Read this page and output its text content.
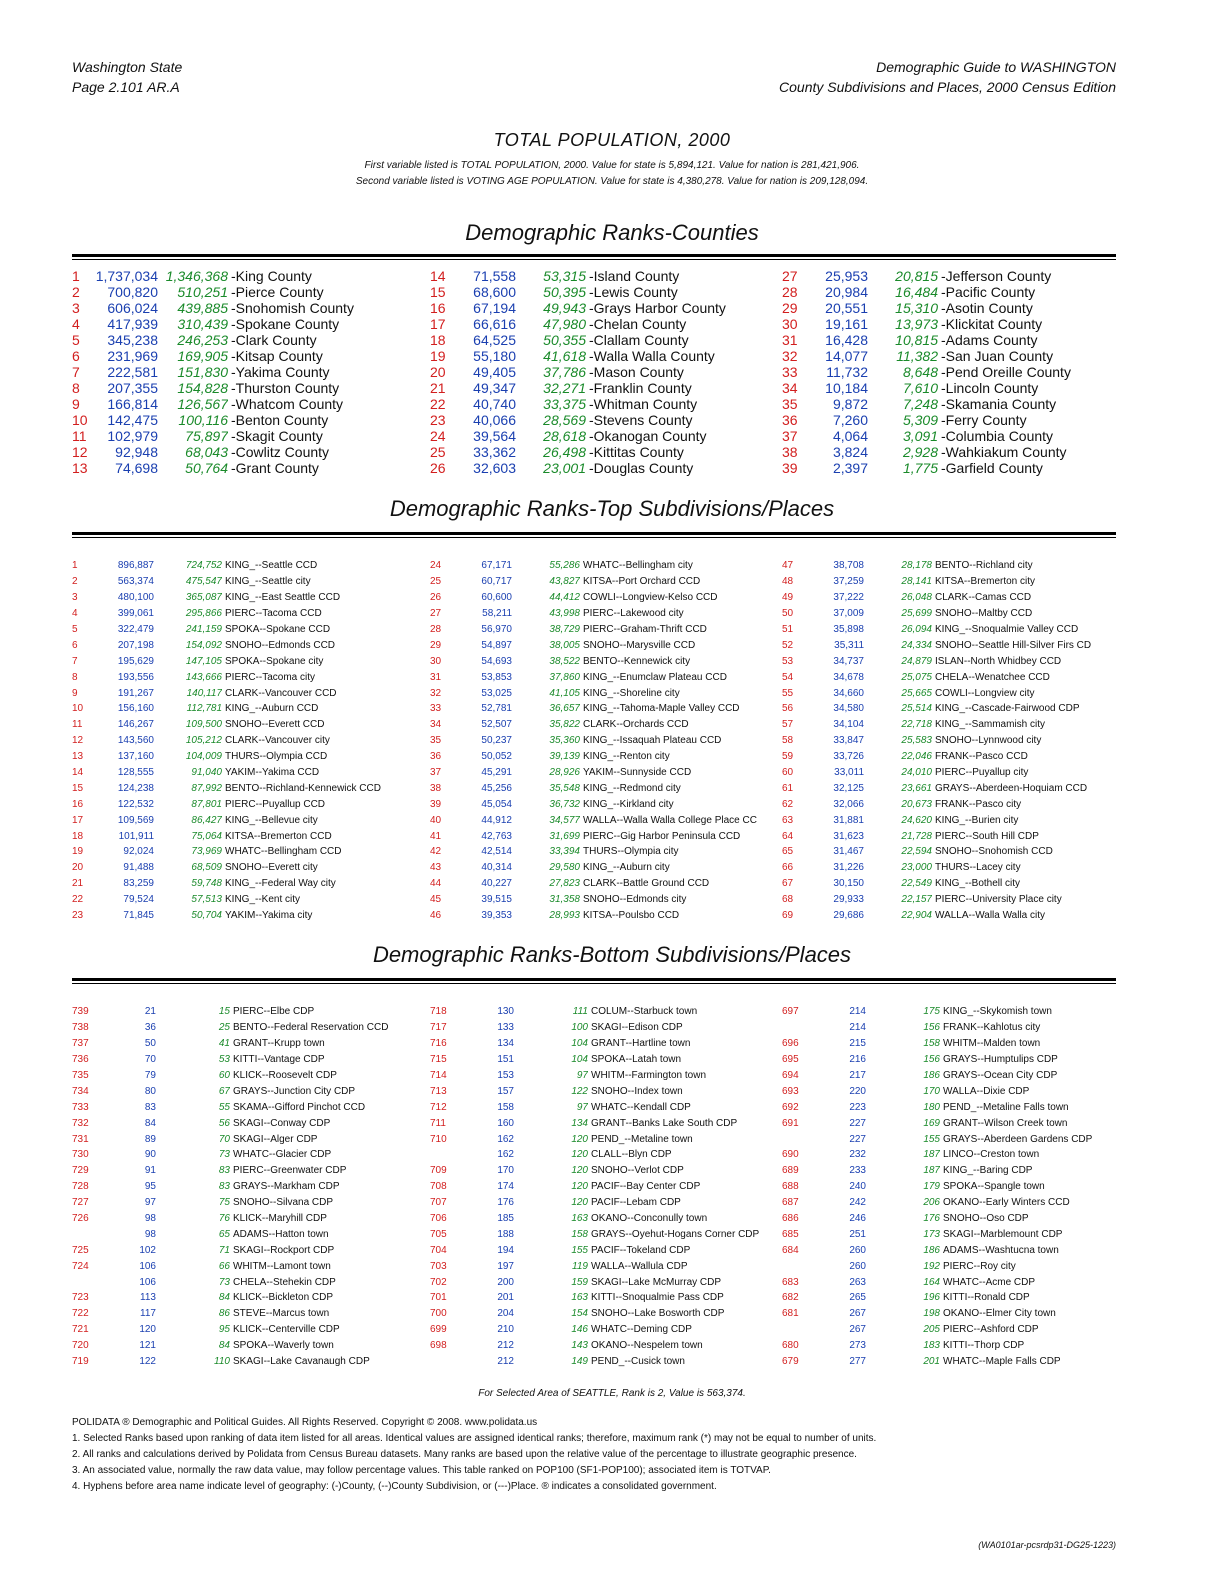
Washington State
Page 2.101 AR.A
Demographic Guide to WASHINGTON
County Subdivisions and Places, 2000 Census Edition
TOTAL POPULATION, 2000
First variable listed is TOTAL POPULATION, 2000. Value for state is 5,894,121. Value for nation is 281,421,906.
Second variable listed is VOTING AGE POPULATION. Value for state is 4,380,278. Value for nation is 209,128,094.
Demographic Ranks-Counties
1	1,737,034	1,346,368	-King County
2	700,820	510,251	-Pierce County
3	606,024	439,885	-Snohomish County
4	417,939	310,439	-Spokane County
5	345,238	246,253	-Clark County
6	231,969	169,905	-Kitsap County
7	222,581	151,830	-Yakima County
8	207,355	154,828	-Thurston County
9	166,814	126,567	-Whatcom County
10	142,475	100,116	-Benton County
11	102,979	75,897	-Skagit County
12	92,948	68,043	-Cowlitz County
13	74,698	50,764	-Grant County
14	71,558	53,315	-Island County
15	68,600	50,395	-Lewis County
16	67,194	49,943	-Grays Harbor County
17	66,616	47,980	-Chelan County
18	64,525	50,355	-Clallam County
19	55,180	41,618	-Walla Walla County
20	49,405	37,786	-Mason County
21	49,347	32,271	-Franklin County
22	40,740	33,375	-Whitman County
23	40,066	28,569	-Stevens County
24	39,564	28,618	-Okanogan County
25	33,362	26,498	-Kittitas County
26	32,603	23,001	-Douglas County
27	25,953	20,815	-Jefferson County
28	20,984	16,484	-Pacific County
29	20,551	15,310	-Asotin County
30	19,161	13,973	-Klickitat County
31	16,428	10,815	-Adams County
32	14,077	11,382	-San Juan County
33	11,732	8,648	-Pend Oreille County
34	10,184	7,610	-Lincoln County
35	9,872	7,248	-Skamania County
36	7,260	5,309	-Ferry County
37	4,064	3,091	-Columbia County
38	3,824	2,928	-Wahkiakum County
39	2,397	1,775	-Garfield County
Demographic Ranks-Top Subdivisions/Places
1	896,887	724,752	KING_--Seattle CCD
2	563,374	475,547	KING_--Seattle city
3	480,100	365,087	KING_--East Seattle CCD
4	399,061	295,866	PIERC--Tacoma CCD
5	322,479	241,159	SPOKA--Spokane CCD
6	207,198	154,092	SNOHO--Edmonds CCD
7	195,629	147,105	SPOKA--Spokane city
8	193,556	143,666	PIERC--Tacoma city
9	191,267	140,117	CLARK--Vancouver CCD
10	156,160	112,781	KING_--Auburn CCD
11	146,267	109,500	SNOHO--Everett CCD
12	143,560	105,212	CLARK--Vancouver city
13	137,160	104,009	THURS--Olympia CCD
14	128,555	91,040	YAKIM--Yakima CCD
15	124,238	87,992	BENTO--Richland-Kennewick CCD
16	122,532	87,801	PIERC--Puyallup CCD
17	109,569	86,427	KING_--Bellevue city
18	101,911	75,064	KITSA--Bremerton CCD
19	92,024	73,969	WHATC--Bellingham CCD
20	91,488	68,509	SNOHO--Everett city
21	83,259	59,748	KING_--Federal Way city
22	79,524	57,513	KING_--Kent city
23	71,845	50,704	YAKIM--Yakima city
24	67,171	55,286	WHATC--Bellingham city
25	60,717	43,827	KITSA--Port Orchard CCD
26	60,600	44,412	COWLI--Longview-Kelso CCD
27	58,211	43,998	PIERC--Lakewood city
28	56,970	38,729	PIERC--Graham-Thrift CCD
29	54,897	38,005	SNOHO--Marysville CCD
30	54,693	38,522	BENTO--Kennewick city
31	53,853	37,860	KING_--Enumclaw Plateau CCD
32	53,025	41,105	KING_--Shoreline city
33	52,781	36,657	KING_--Tahoma-Maple Valley CCD
34	52,507	35,822	CLARK--Orchards CCD
35	50,237	35,360	KING_--Issaquah Plateau CCD
36	50,052	39,139	KING_--Renton city
37	45,291	28,926	YAKIM--Sunnyside CCD
38	45,256	35,548	KING_--Redmond city
39	45,054	36,732	KING_--Kirkland city
40	44,912	34,577	WALLA--Walla Walla College Place CC
41	42,763	31,699	PIERC--Gig Harbor Peninsula CCD
42	42,514	33,394	THURS--Olympia city
43	40,314	29,580	KING_--Auburn city
44	40,227	27,823	CLARK--Battle Ground CCD
45	39,515	31,358	SNOHO--Edmonds city
46	39,353	28,993	KITSA--Poulsbo CCD
47	38,708	28,178	BENTO--Richland city
48	37,259	28,141	KITSA--Bremerton city
49	37,222	26,048	CLARK--Camas CCD
50	37,009	25,699	SNOHO--Maltby CCD
51	35,898	26,094	KING_--Snoqualmie Valley CCD
52	35,311	24,334	SNOHO--Seattle Hill-Silver Firs CD
53	34,737	24,879	ISLAN--North Whidbey CCD
54	34,678	25,075	CHELA--Wenatchee CCD
55	34,660	25,665	COWLI--Longview city
56	34,580	25,514	KING_--Cascade-Fairwood CDP
57	34,104	22,718	KING_--Sammamish city
58	33,847	25,583	SNOHO--Lynnwood city
59	33,726	22,046	FRANK--Pasco CCD
60	33,011	24,010	PIERC--Puyallup city
61	32,125	23,661	GRAYS--Aberdeen-Hoquiam CCD
62	32,066	20,673	FRANK--Pasco city
63	31,881	24,620	KING_--Burien city
64	31,623	21,728	PIERC--South Hill CDP
65	31,467	22,594	SNOHO--Snohomish CCD
66	31,226	23,000	THURS--Lacey city
67	30,150	22,549	KING_--Bothell city
68	29,933	22,157	PIERC--University Place city
69	29,686	22,904	WALLA--Walla Walla city
Demographic Ranks-Bottom Subdivisions/Places
739	21	15	PIERC--Elbe CDP
738	36	25	BENTO--Federal Reservation CCD
737	50	41	GRANT--Krupp town
736	70	53	KITTI--Vantage CDP
735	79	60	KLICK--Roosevelt CDP
734	80	67	GRAYS--Junction City CDP
733	83	55	SKAMA--Gifford Pinchot CCD
732	84	56	SKAGI--Conway CDP
731	89	70	SKAGI--Alger CDP
730	90	73	WHATC--Glacier CDP
729	91	83	PIERC--Greenwater CDP
728	95	83	GRAYS--Markham CDP
727	97	75	SNOHO--Silvana CDP
726	98	76	KLICK--Maryhill CDP
	98	65	ADAMS--Hatton town
725	102	71	SKAGI--Rockport CDP
724	106	66	WHITM--Lamont town
	106	73	CHELA--Stehekin CDP
723	113	84	KLICK--Bickleton CDP
722	117	86	STEVE--Marcus town
721	120	95	KLICK--Centerville CDP
720	121	84	SPOKA--Waverly town
719	122	110	SKAGI--Lake Cavanaugh CDP
718	130	111	COLUM--Starbuck town
717	133	100	SKAGI--Edison CDP
716	134	104	GRANT--Hartline town
715	151	104	SPOKA--Latah town
714	153	97	WHITM--Farmington town
713	157	122	SNOHO--Index town
712	158	97	WHATC--Kendall CDP
711	160	134	GRANT--Banks Lake South CDP
710	162	120	PEND_--Metaline town
	162	120	CLALL--Blyn CDP
709	170	120	SNOHO--Verlot CDP
708	174	120	PACIF--Bay Center CDP
707	176	120	PACIF--Lebam CDP
706	185	163	OKANO--Conconully town
705	188	158	GRAYS--Oyehut-Hogans Corner CDP
704	194	155	PACIF--Tokeland CDP
703	197	119	WALLA--Wallula CDP
702	200	159	SKAGI--Lake McMurray CDP
701	201	163	KITTI--Snoqualmie Pass CDP
700	204	154	SNOHO--Lake Bosworth CDP
699	210	146	WHATC--Deming CDP
698	212	143	OKANO--Nespelem town
	212	149	PEND_--Cusick town
697	214	175	KING_--Skykomish town
	214	156	FRANK--Kahlotus city
696	215	158	WHITM--Malden town
695	216	156	GRAYS--Humptulips CDP
694	217	186	GRAYS--Ocean City CDP
693	220	170	WALLA--Dixie CDP
692	223	180	PEND_--Metaline Falls town
691	227	169	GRANT--Wilson Creek town
	227	155	GRAYS--Aberdeen Gardens CDP
690	232	187	LINCO--Creston town
689	233	187	KING_--Baring CDP
688	240	179	SPOKA--Spangle town
687	242	206	OKANO--Early Winters CCD
686	246	176	SNOHO--Oso CDP
685	251	173	SKAGI--Marblemount CDP
684	260	186	ADAMS--Washtucna town
	260	192	PIERC--Roy city
683	263	164	WHATC--Acme CDP
682	265	196	KITTI--Ronald CDP
681	267	198	OKANO--Elmer City town
	267	205	PIERC--Ashford CDP
680	273	183	KITTI--Thorp CDP
679	277	201	WHATC--Maple Falls CDP
For Selected Area of SEATTLE, Rank is 2, Value is 563,374.
POLIDATA ® Demographic and Political Guides. All Rights Reserved. Copyright © 2008. www.polidata.us
1. Selected Ranks based upon ranking of data item listed for all areas. Identical values are assigned identical ranks; therefore, maximum rank (*) may not be equal to number of units.
2. All ranks and calculations derived by Polidata from Census Bureau datasets. Many ranks are based upon the relative value of the percentage to illustrate geographic presence.
3. An associated value, normally the raw data value, may follow percentage values. This table ranked on POP100 (SF1-POP100); associated item is TOTVAP.
4. Hyphens before area name indicate level of geography: (-)County, (--)County Subdivision, or (---)Place. ® indicates a consolidated government.
(WA0101ar-pcsrdp31-DG25-1223)
